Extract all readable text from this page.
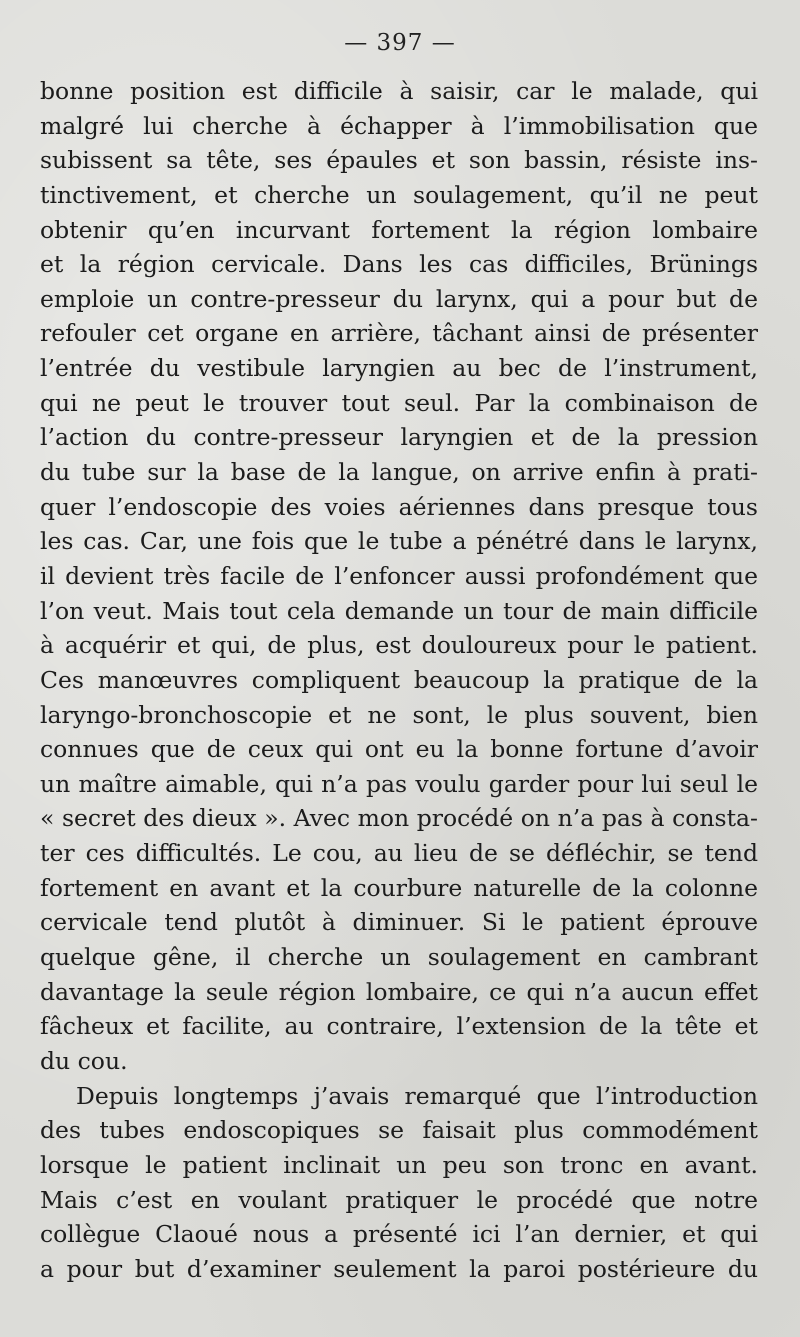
— 397 —
bonne position est difficile à saisir, car le malade, qui
malgré lui cherche à échapper à l’immobilisation que
subissent sa tête, ses épaules et son bassin, résiste ins-
tinctivement, et cherche un soulagement, qu’il ne peut
obtenir qu’en incurvant fortement la région lombaire
et la région cervicale. Dans les cas difficiles, Brünings
emploie un contre-presseur du larynx, qui a pour but de
refouler cet organe en arrière, tâchant ainsi de présenter
l’entrée du vestibule laryngien au bec de l’instrument,
qui ne peut le trouver tout seul. Par la combinaison de
l’action du contre-presseur laryngien et de la pression
du tube sur la base de la langue, on arrive enfin à prati-
quer l’endoscopie des voies aériennes dans presque tous
les cas. Car, une fois que le tube a pénétré dans le larynx,
il devient très facile de l’enfoncer aussi profondément que
l’on veut. Mais tout cela demande un tour de main difficile
à acquérir et qui, de plus, est douloureux pour le patient.
Ces manœuvres compliquent beaucoup la pratique de la
laryngo-bronchoscopie et ne sont, le plus souvent, bien
connues que de ceux qui ont eu la bonne fortune d’avoir
un maître aimable, qui n’a pas voulu garder pour lui seul le
« secret des dieux ». Avec mon procédé on n’a pas à consta-
ter ces difficultés. Le cou, au lieu de se défléchir, se tend
fortement en avant et la courbure naturelle de la colonne
cervicale tend plutôt à diminuer. Si le patient éprouve
quelque gêne, il cherche un soulagement en cambrant
davantage la seule région lombaire, ce qui n’a aucun effet
fâcheux et facilite, au contraire, l’extension de la tête et
du cou.
Depuis longtemps j’avais remarqué que l’introduction
des tubes endoscopiques se faisait plus commodément
lorsque le patient inclinait un peu son tronc en avant.
Mais c’est en voulant pratiquer le procédé que notre
collègue Claoué nous a présenté ici l’an dernier, et qui
a pour but d’examiner seulement la paroi postérieure du
